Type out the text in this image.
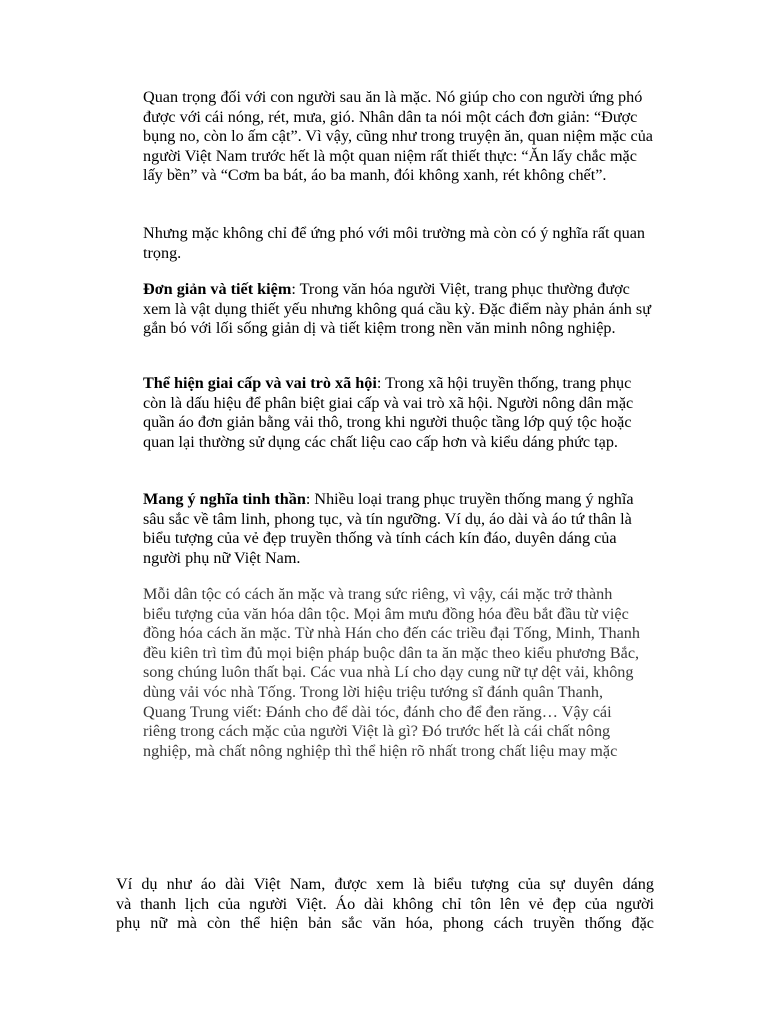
Quan trọng đối với con người sau ăn là mặc. Nó giúp cho con người ứng phó được với cái nóng, rét, mưa, gió. Nhân dân ta nói một cách đơn giản: “Được bụng no, còn lo ấm cật”. Vì vậy, cũng như trong truyện ăn, quan niệm mặc của người Việt Nam trước hết là một quan niệm rất thiết thực: “Ăn lấy chắc mặc lấy bền” và “Cơm ba bát, áo ba manh, đói không xanh, rét không chết”.

Nhưng mặc không chỉ để ứng phó với môi trường mà còn có ý nghĩa rất quan trọng.

Đơn giản và tiết kiệm: Trong văn hóa người Việt, trang phục thường được xem là vật dụng thiết yếu nhưng không quá cầu kỳ. Đặc điểm này phản ánh sự gắn bó với lối sống giản dị và tiết kiệm trong nền văn minh nông nghiệp.

Thể hiện giai cấp và vai trò xã hội: Trong xã hội truyền thống, trang phục còn là dấu hiệu để phân biệt giai cấp và vai trò xã hội. Người nông dân mặc quần áo đơn giản bằng vải thô, trong khi người thuộc tầng lớp quý tộc hoặc quan lại thường sử dụng các chất liệu cao cấp hơn và kiểu dáng phức tạp.

Mang ý nghĩa tinh thần: Nhiều loại trang phục truyền thống mang ý nghĩa sâu sắc về tâm linh, phong tục, và tín ngưỡng. Ví dụ, áo dài và áo tứ thân là biểu tượng của vẻ đẹp truyền thống và tính cách kín đáo, duyên dáng của người phụ nữ Việt Nam.

Mỗi dân tộc có cách ăn mặc và trang sức riêng, vì vậy, cái mặc trở thành biểu tượng của văn hóa dân tộc. Mọi âm mưu đồng hóa đều bắt đầu từ việc đồng hóa cách ăn mặc. Từ nhà Hán cho đến các triều đại Tống, Minh, Thanh đều kiên trì tìm đủ mọi biện pháp buộc dân ta ăn mặc theo kiểu phương Bắc, song chúng luôn thất bại. Các vua nhà Lí cho dạy cung nữ tự dệt vải, không dùng vải vóc nhà Tống. Trong lời hiệu triệu tướng sĩ đánh quân Thanh, Quang Trung viết: Đánh cho để dài tóc, đánh cho để đen răng… Vậy cái riêng trong cách mặc của người Việt là gì? Đó trước hết là cái chất nông nghiệp, mà chất nông nghiệp thì thể hiện rõ nhất trong chất liệu may mặc

Ví dụ như áo dài Việt Nam, được xem là biểu tượng của sự duyên dáng
và thanh lịch của người Việt. Áo dài không chỉ tôn lên vẻ đẹp của người
phụ nữ mà còn thể hiện bản sắc văn hóa, phong cách truyền thống đặc
